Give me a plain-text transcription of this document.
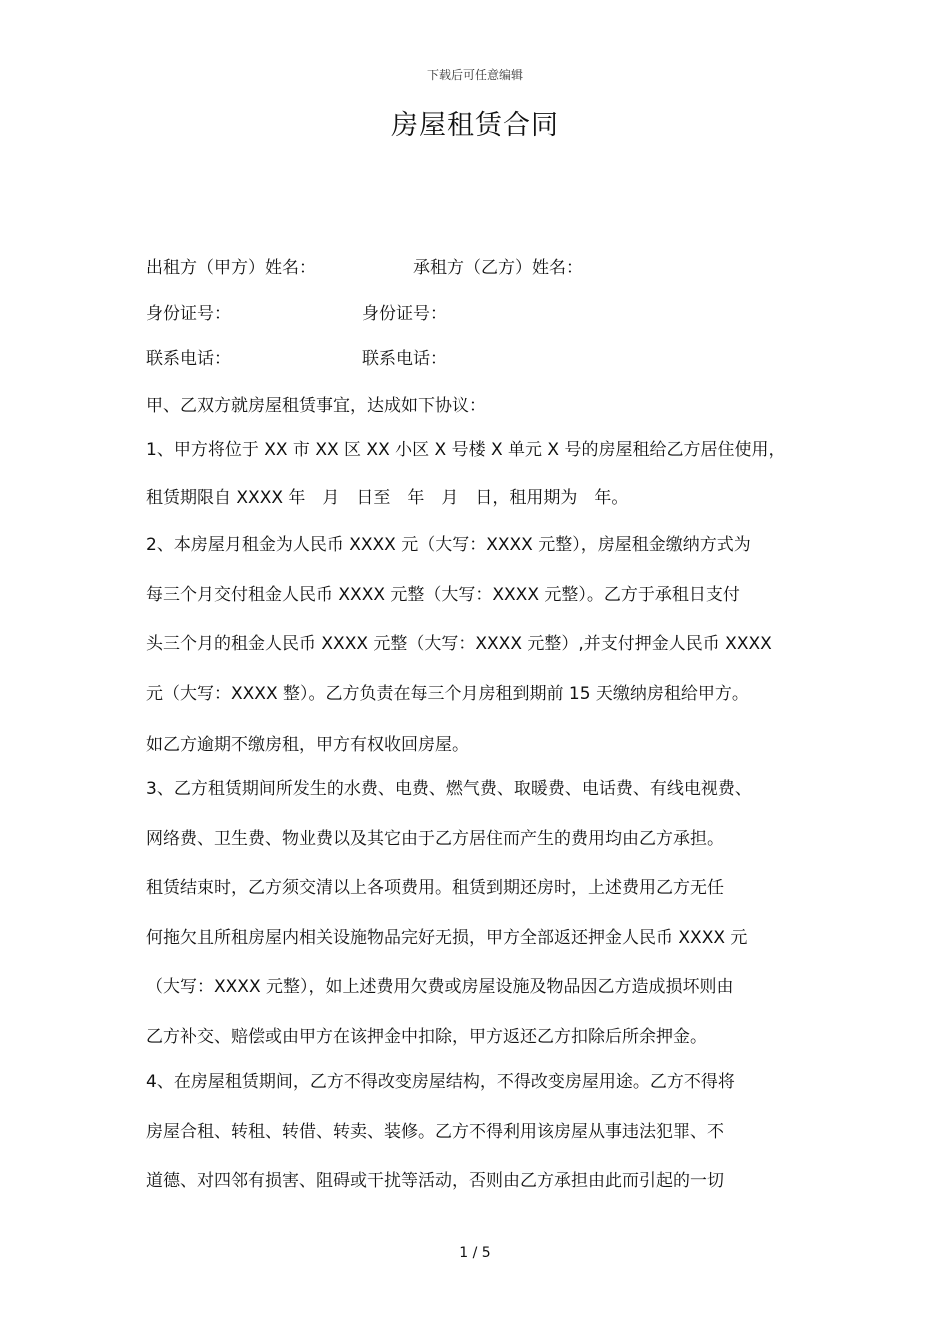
下载后可任意编辑
房屋租赁合同
出租方（甲方）姓名：	承租方（乙方）姓名：
身份证号：	身份证号：
联系电话：	联系电话：
甲、乙双方就房屋租赁事宜，达成如下协议：
1、甲方将位于 XX 市 XX 区 XX 小区 X 号楼 X 单元 X 号的房屋租给乙方居住使用，
租赁期限自 XXXX 年　月　日至　年　月　日，租用期为　年。
2、本房屋月租金为人民币 XXXX 元（大写：XXXX 元整），房屋租金缴纳方式为
每三个月交付租金人民币 XXXX 元整（大写：XXXX 元整）。乙方于承租日支付
头三个月的租金人民币 XXXX 元整（大写：XXXX 元整）,并支付押金人民币 XXXX
元（大写：XXXX 整）。乙方负责在每三个月房租到期前 15 天缴纳房租给甲方。
如乙方逾期不缴房租，甲方有权收回房屋。
3、乙方租赁期间所发生的水费、电费、燃气费、取暖费、电话费、有线电视费、
网络费、卫生费、物业费以及其它由于乙方居住而产生的费用均由乙方承担。
租赁结束时，乙方须交清以上各项费用。租赁到期还房时，上述费用乙方无任
何拖欠且所租房屋内相关设施物品完好无损，甲方全部返还押金人民币 XXXX 元
（大写：XXXX 元整），如上述费用欠费或房屋设施及物品因乙方造成损坏则由
乙方补交、赔偿或由甲方在该押金中扣除，甲方返还乙方扣除后所余押金。
4、在房屋租赁期间，乙方不得改变房屋结构，不得改变房屋用途。乙方不得将
房屋合租、转租、转借、转卖、装修。乙方不得利用该房屋从事违法犯罪、不
道德、对四邻有损害、阻碍或干扰等活动，否则由乙方承担由此而引起的一切
1 / 5
